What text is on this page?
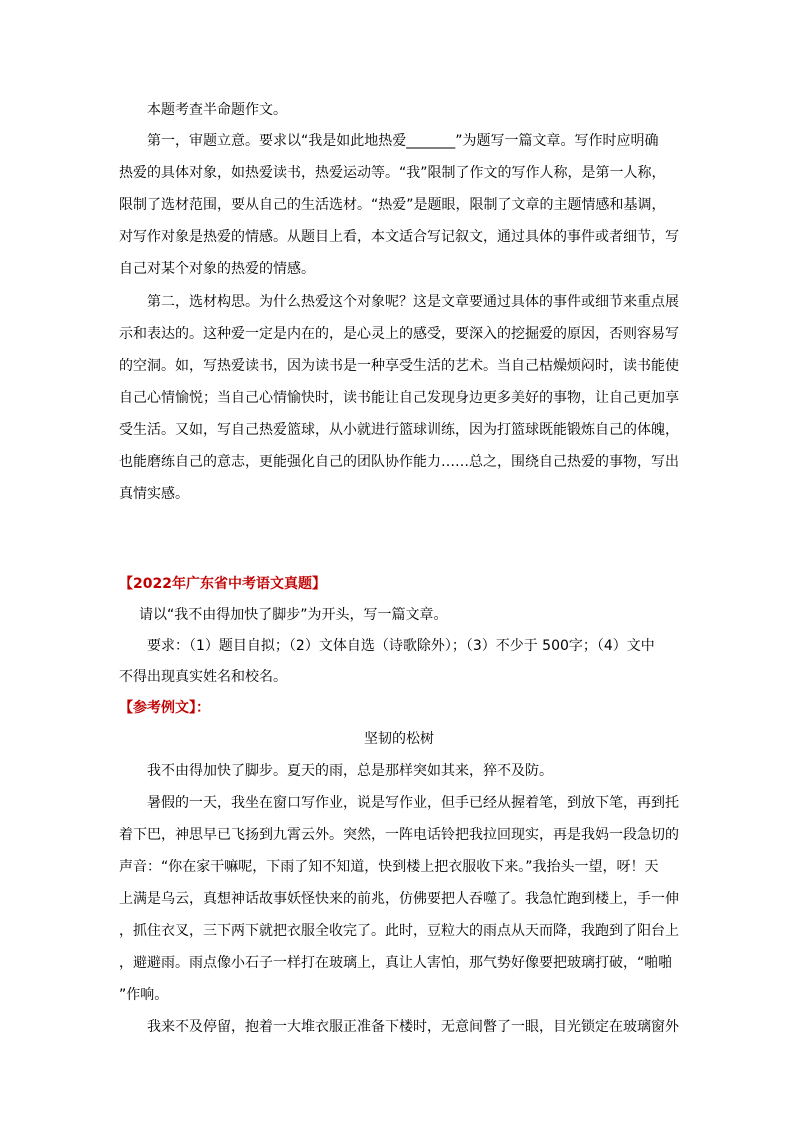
本题考查半命题作文。

第一，审题立意。要求以“我是如此地热爱_______”为题写一篇文章。写作时应明确

热爱的具体对象，如热爱读书，热爱运动等。“我”限制了作文的写作人称，是第一人称，

限制了选材范围，要从自己的生活选材。“热爱”是题眼，限制了文章的主题情感和基调，

对写作对象是热爱的情感。从题目上看，本文适合写记叙文，通过具体的事件或者细节，写

自己对某个对象的热爱的情感。

第二，选材构思。为什么热爱这个对象呢？这是文章要通过具体的事件或细节来重点展

示和表达的。这种爱一定是内在的，是心灵上的感受，要深入的挖掘爱的原因，否则容易写

的空洞。如，写热爱读书，因为读书是一种享受生活的艺术。当自己枯燥烦闷时，读书能使

自己心情愉悦；当自己心情愉快时，读书能让自己发现身边更多美好的事物，让自己更加享

受生活。又如，写自己热爱篮球，从小就进行篮球训练，因为打篮球既能锻炼自己的体魄，

也能磨练自己的意志，更能强化自己的团队协作能力……总之，围绕自己热爱的事物，写出

真情实感。

【2022年广东省中考语文真题】

请以“我不由得加快了脚步”为开头，写一篇文章。

要求：（1）题目自拟；（2）文体自选（诗歌除外）；（3）不少于 500字；（4）文中

不得出现真实姓名和校名。

【参考例文】：

坚韧的松树

我不由得加快了脚步。夏天的雨，总是那样突如其来，猝不及防。

暑假的一天，我坐在窗口写作业，说是写作业，但手已经从握着笔，到放下笔，再到托

着下巴，神思早已飞扬到九霄云外。突然，一阵电话铃把我拉回现实，再是我妈一段急切的

声音：“你在家干嘛呢，下雨了知不知道，快到楼上把衣服收下来。”我抬头一望，呀！天

上满是乌云，真想神话故事妖怪快来的前兆，仿佛要把人吞噬了。我急忙跑到楼上，手一伸

，抓住衣叉，三下两下就把衣服全收完了。此时，豆粒大的雨点从天而降，我跑到了阳台上

，避避雨。雨点像小石子一样打在玻璃上，真让人害怕，那气势好像要把玻璃打破，“啪啪

”作响。

我来不及停留，抱着一大堆衣服正准备下楼时，无意间瞥了一眼，目光锁定在玻璃窗外
